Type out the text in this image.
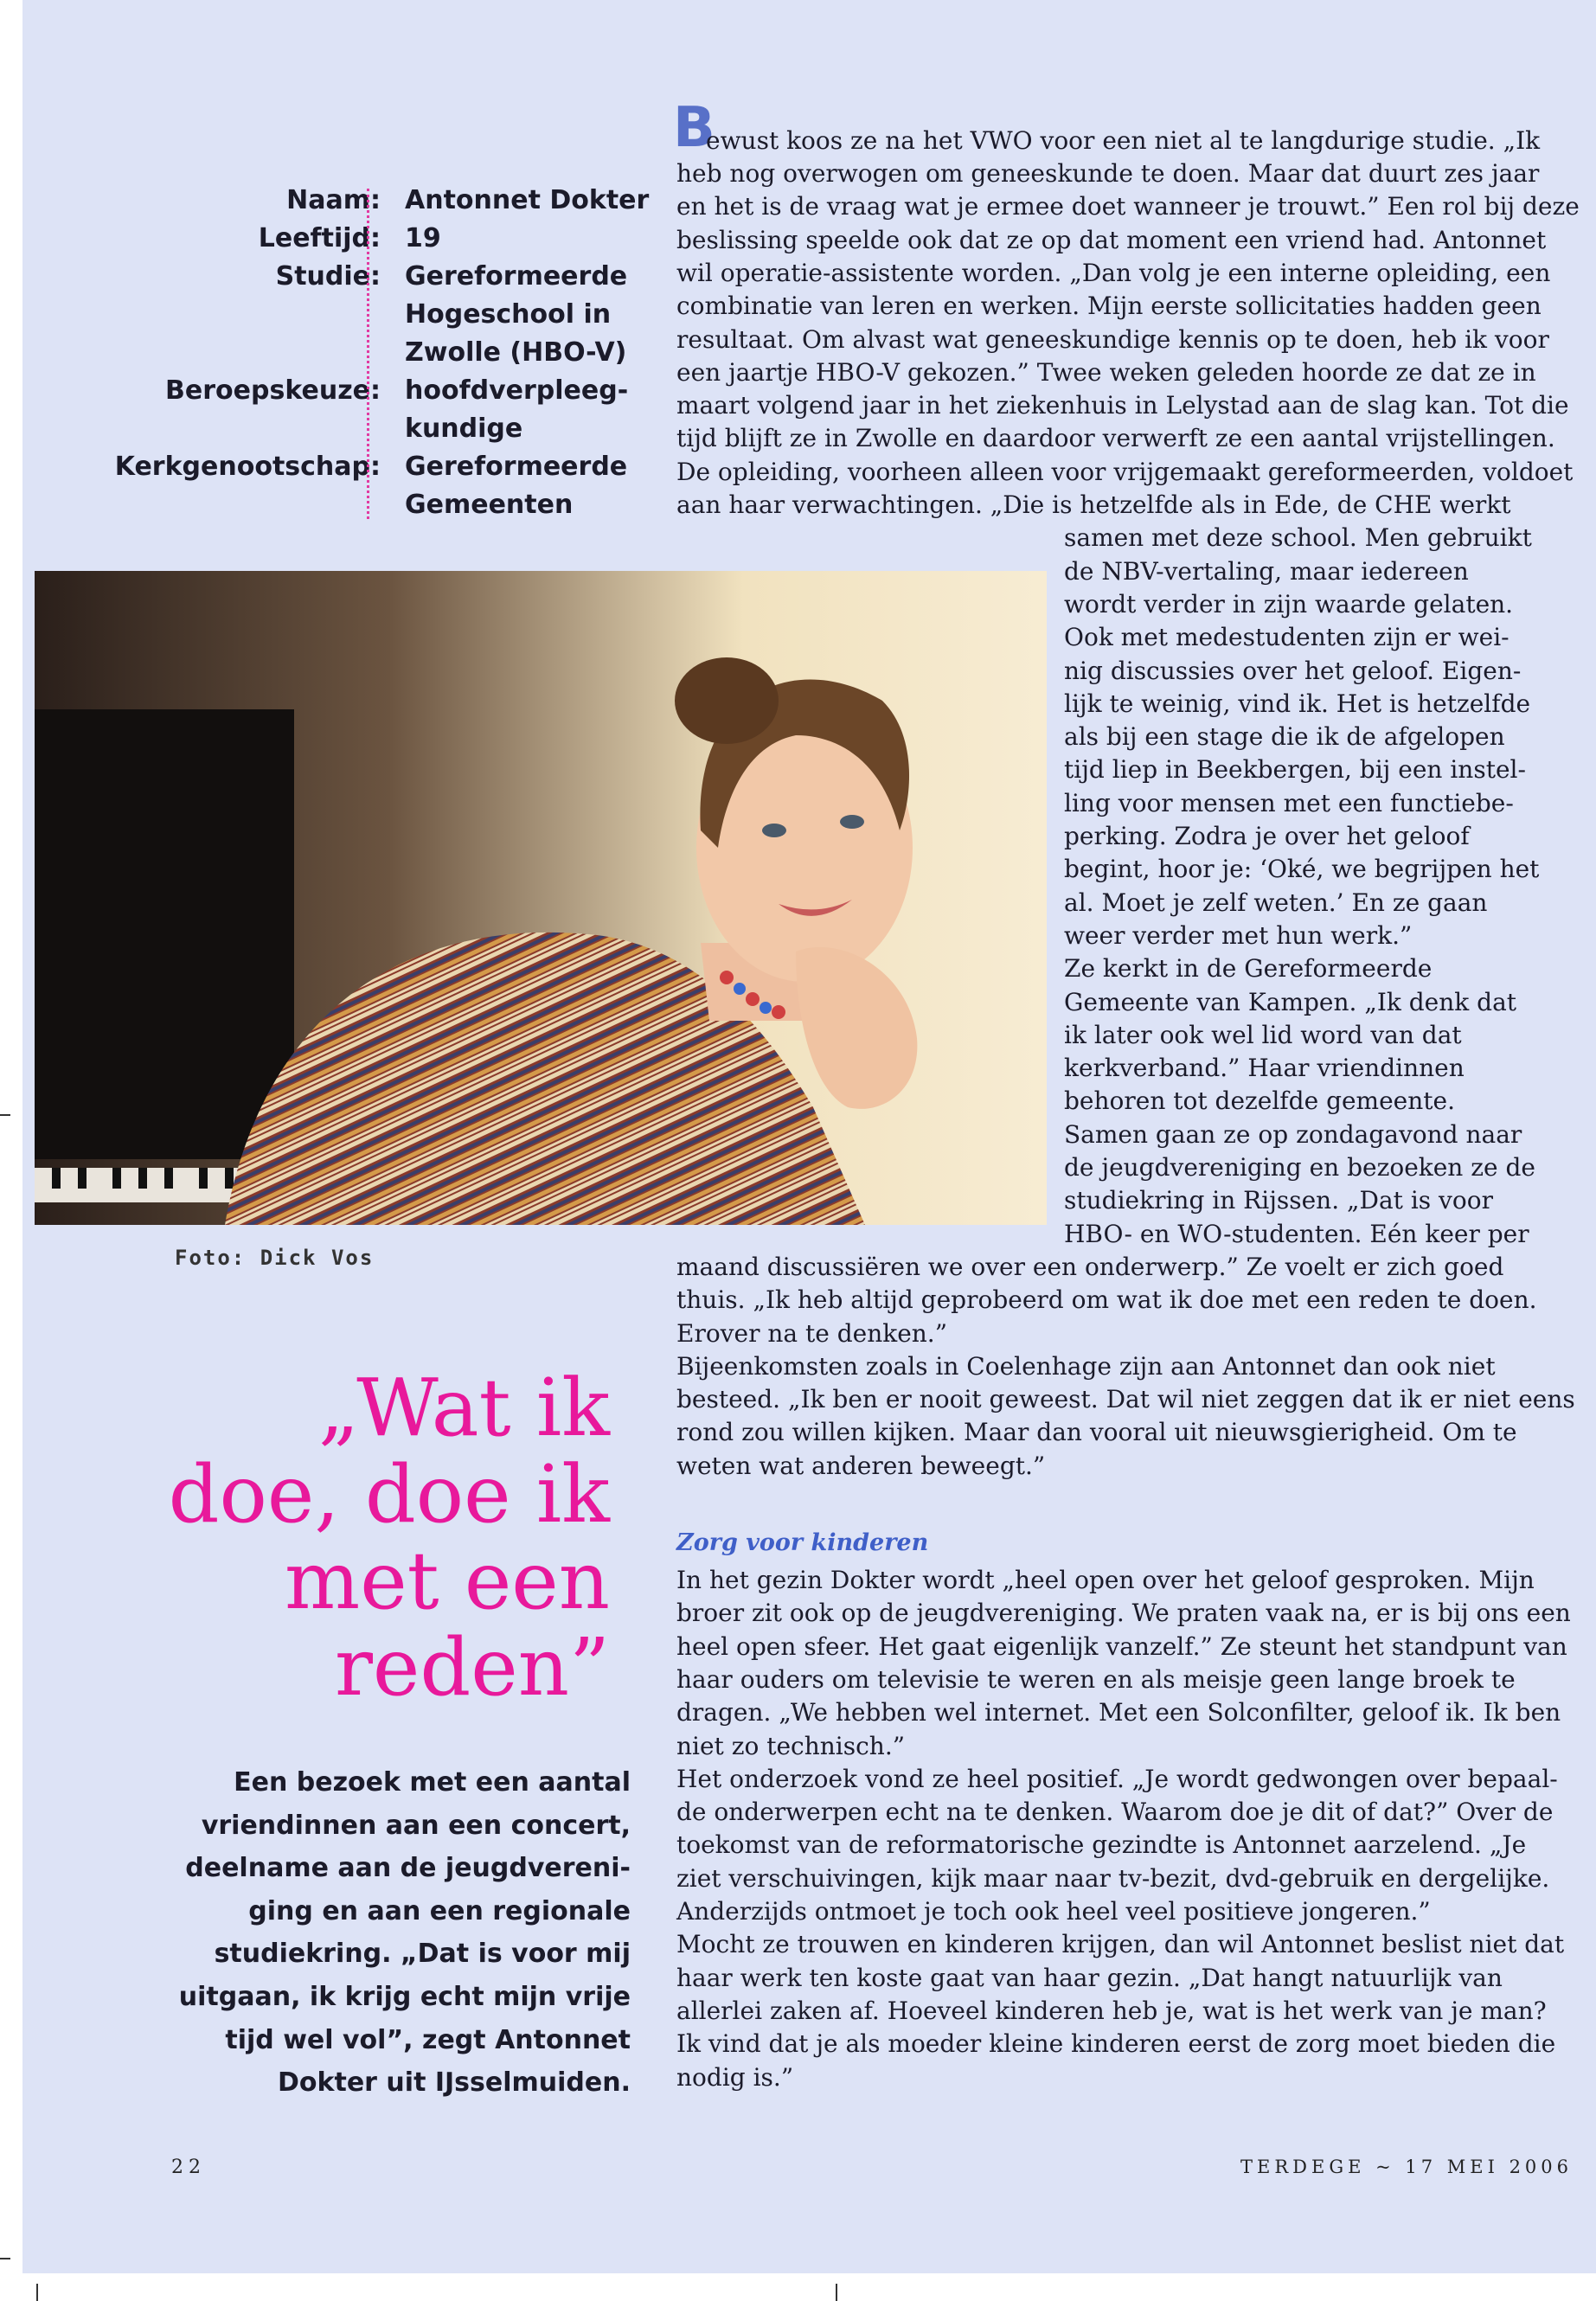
Naam: Antonnet Dokter
Leeftijd: 19
Studie: Gereformeerde
Hogeschool in
Zwolle (HBO-V)
Beroepskeuze: hoofdverpleeg-
kundige
Kerkgenootschap: Gereformeerde
Gemeenten
Foto: Dick Vos
„Wat ik
doe, doe ik
met een
reden”
Een bezoek met een aantal
vriendinnen aan een concert,
deelname aan de jeugdvereni-
ging en aan een regionale
studiekring. „Dat is voor mij
uitgaan, ik krijg echt mijn vrije
tijd wel vol”, zegt Antonnet
Dokter uit IJsselmuiden.
B
ewust koos ze na het VWO voor een niet al te langdurige studie. „Ik
heb nog overwogen om geneeskunde te doen. Maar dat duurt zes jaar
en het is de vraag wat je ermee doet wanneer je trouwt.” Een rol bij deze
beslissing speelde ook dat ze op dat moment een vriend had. Antonnet
wil operatie-assistente worden. „Dan volg je een interne opleiding, een
combinatie van leren en werken. Mijn eerste sollicitaties hadden geen
resultaat. Om alvast wat geneeskundige kennis op te doen, heb ik voor
een jaartje HBO-V gekozen.” Twee weken geleden hoorde ze dat ze in
maart volgend jaar in het ziekenhuis in Lelystad aan de slag kan. Tot die
tijd blijft ze in Zwolle en daardoor verwerft ze een aantal vrijstellingen.
De opleiding, voorheen alleen voor vrijgemaakt gereformeerden, voldoet
aan haar verwachtingen. „Die is hetzelfde als in Ede, de CHE werkt
samen met deze school. Men gebruikt
de NBV-vertaling, maar iedereen
wordt verder in zijn waarde gelaten.
Ook met medestudenten zijn er wei-
nig discussies over het geloof. Eigen-
lijk te weinig, vind ik. Het is hetzelfde
als bij een stage die ik de afgelopen
tijd liep in Beekbergen, bij een instel-
ling voor mensen met een functiebe-
perking. Zodra je over het geloof
begint, hoor je: ‘Oké, we begrijpen het
al. Moet je zelf weten.’ En ze gaan
weer verder met hun werk.”
Ze kerkt in de Gereformeerde
Gemeente van Kampen. „Ik denk dat
ik later ook wel lid word van dat
kerkverband.” Haar vriendinnen
behoren tot dezelfde gemeente.
Samen gaan ze op zondagavond naar
de jeugdvereniging en bezoeken ze de
studiekring in Rijssen. „Dat is voor
HBO- en WO-studenten. Eén keer per
maand discussiëren we over een onderwerp.” Ze voelt er zich goed
thuis. „Ik heb altijd geprobeerd om wat ik doe met een reden te doen.
Erover na te denken.”
Bijeenkomsten zoals in Coelenhage zijn aan Antonnet dan ook niet
besteed. „Ik ben er nooit geweest. Dat wil niet zeggen dat ik er niet eens
rond zou willen kijken. Maar dan vooral uit nieuwsgierigheid. Om te
weten wat anderen beweegt.”
In het gezin Dokter wordt „heel open over het geloof gesproken. Mijn
broer zit ook op de jeugdvereniging. We praten vaak na, er is bij ons een
heel open sfeer. Het gaat eigenlijk vanzelf.” Ze steunt het standpunt van
haar ouders om televisie te weren en als meisje geen lange broek te
dragen. „We hebben wel internet. Met een Solconfilter, geloof ik. Ik ben
niet zo technisch.”
Het onderzoek vond ze heel positief. „Je wordt gedwongen over bepaal-
de onderwerpen echt na te denken. Waarom doe je dit of dat?” Over de
toekomst van de reformatorische gezindte is Antonnet aarzelend. „Je
ziet verschuivingen, kijk maar naar tv-bezit, dvd-gebruik en dergelijke.
Anderzijds ontmoet je toch ook heel veel positieve jongeren.”
Mocht ze trouwen en kinderen krijgen, dan wil Antonnet beslist niet dat
haar werk ten koste gaat van haar gezin. „Dat hangt natuurlijk van
allerlei zaken af. Hoeveel kinderen heb je, wat is het werk van je man?
Ik vind dat je als moeder kleine kinderen eerst de zorg moet bieden die
nodig is.”
Zorg voor kinderen
22	TERDEGE ~ 17 MEI 2006
